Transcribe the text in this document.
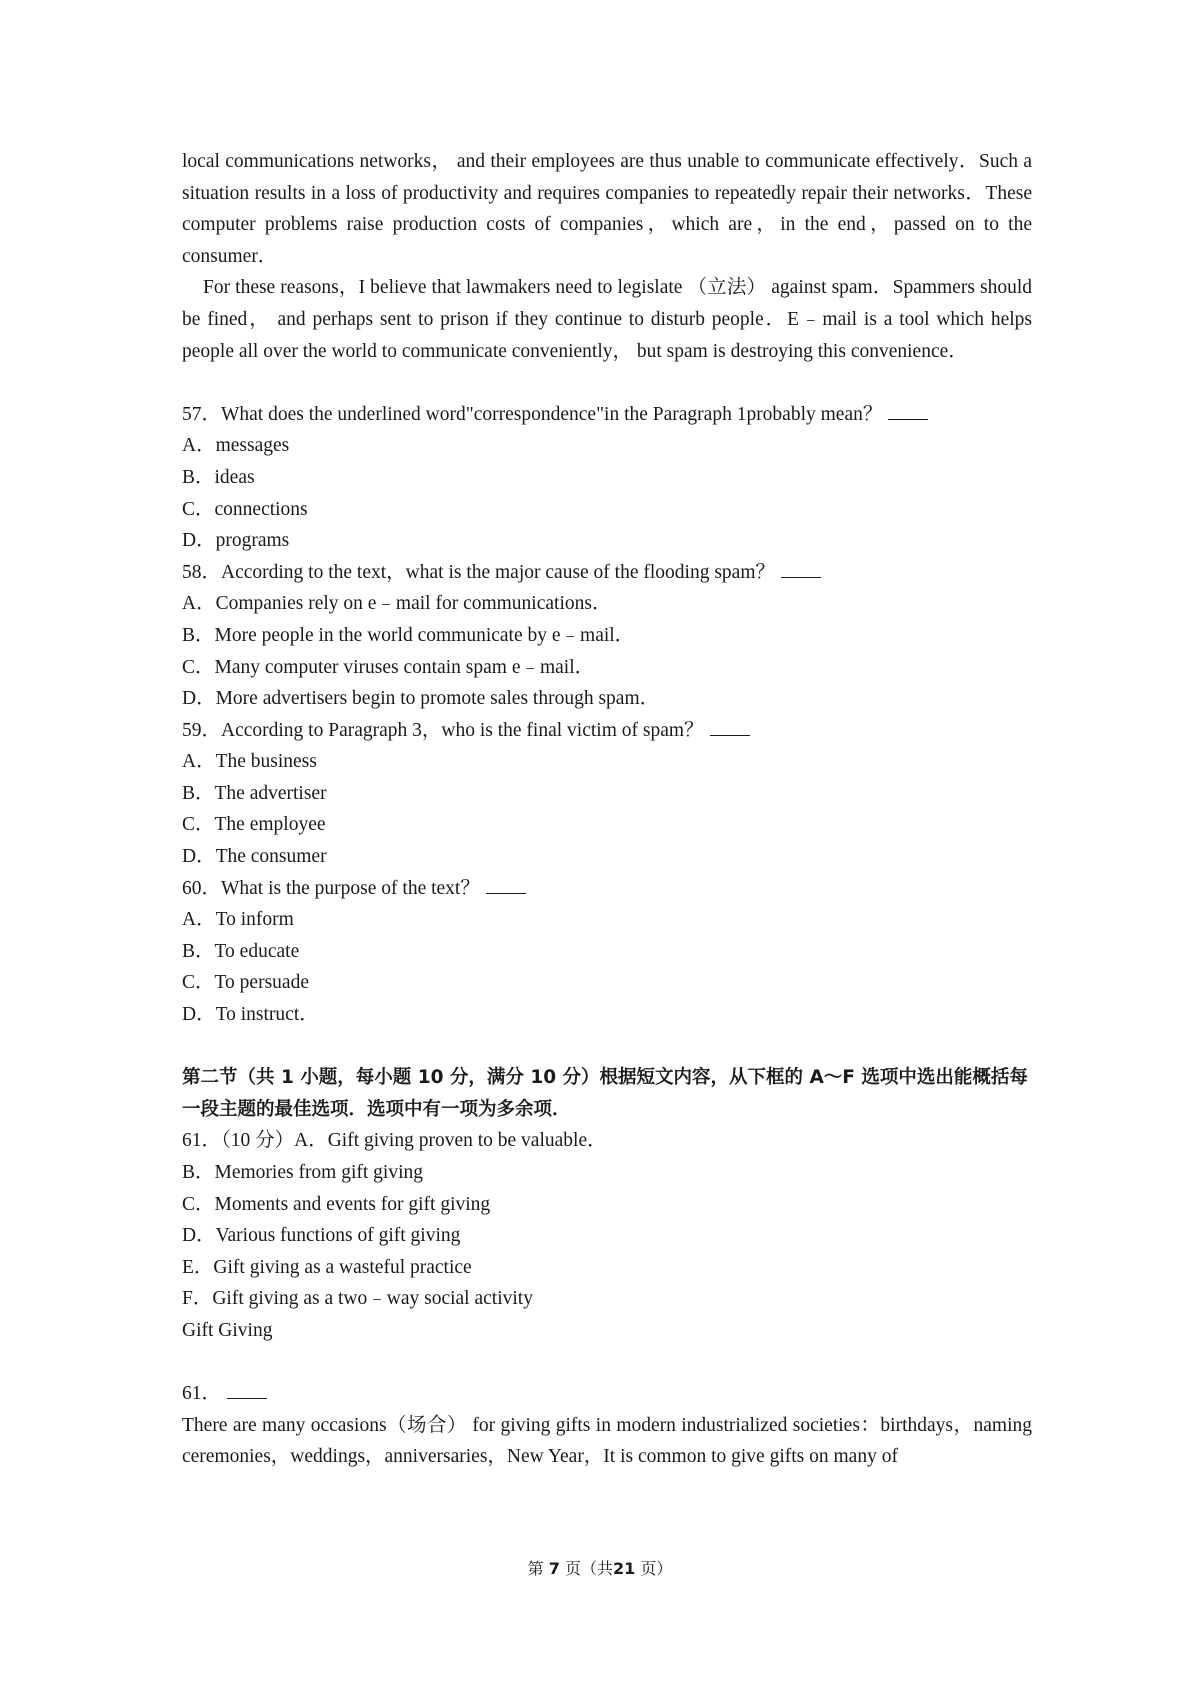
local communications networks， and their employees are thus unable to communicate effectively．Such a situation results in a loss of productivity and requires companies to repeatedly repair their networks．These computer problems raise production costs of companies，which are，in the end，passed on to the consumer．

For these reasons，I believe that lawmakers need to legislate （立法） against spam．Spammers should be fined， and perhaps sent to prison if they continue to disturb people．E﹣mail is a tool which helps people all over the world to communicate conveniently， but spam is destroying this convenience．

57．What does the underlined word"correspondence"in the Paragraph 1probably mean？
A．messages
B．ideas
C．connections
D．programs
58．According to the text，what is the major cause of the flooding spam？
A．Companies rely on e﹣mail for communications．
B．More people in the world communicate by e﹣mail．
C．Many computer viruses contain spam e﹣mail．
D．More advertisers begin to promote sales through spam．
59．According to Paragraph 3，who is the final victim of spam？
A．The business
B．The advertiser
C．The employee
D．The consumer
60．What is the purpose of the text？
A．To inform
B．To educate
C．To persuade
D．To instruct．
第二节（共 1 小题，每小题 10 分，满分 10 分）根据短文内容，从下框的 A～F 选项中选出能概括每一段主题的最佳选项．选项中有一项为多余项．
61．（10 分）A．Gift giving proven to be valuable．
B．Memories from gift giving
C．Moments and events for gift giving
D．Various functions of gift giving
E．Gift giving as a wasteful practice
F．Gift giving as a two﹣way social activity
Gift Giving
61．

There are many occasions（场合） for giving gifts in modern industrialized societies：birthdays，naming ceremonies，weddings，anniversaries，New Year，It is common to give gifts on many of

第 7 页（共21 页）
